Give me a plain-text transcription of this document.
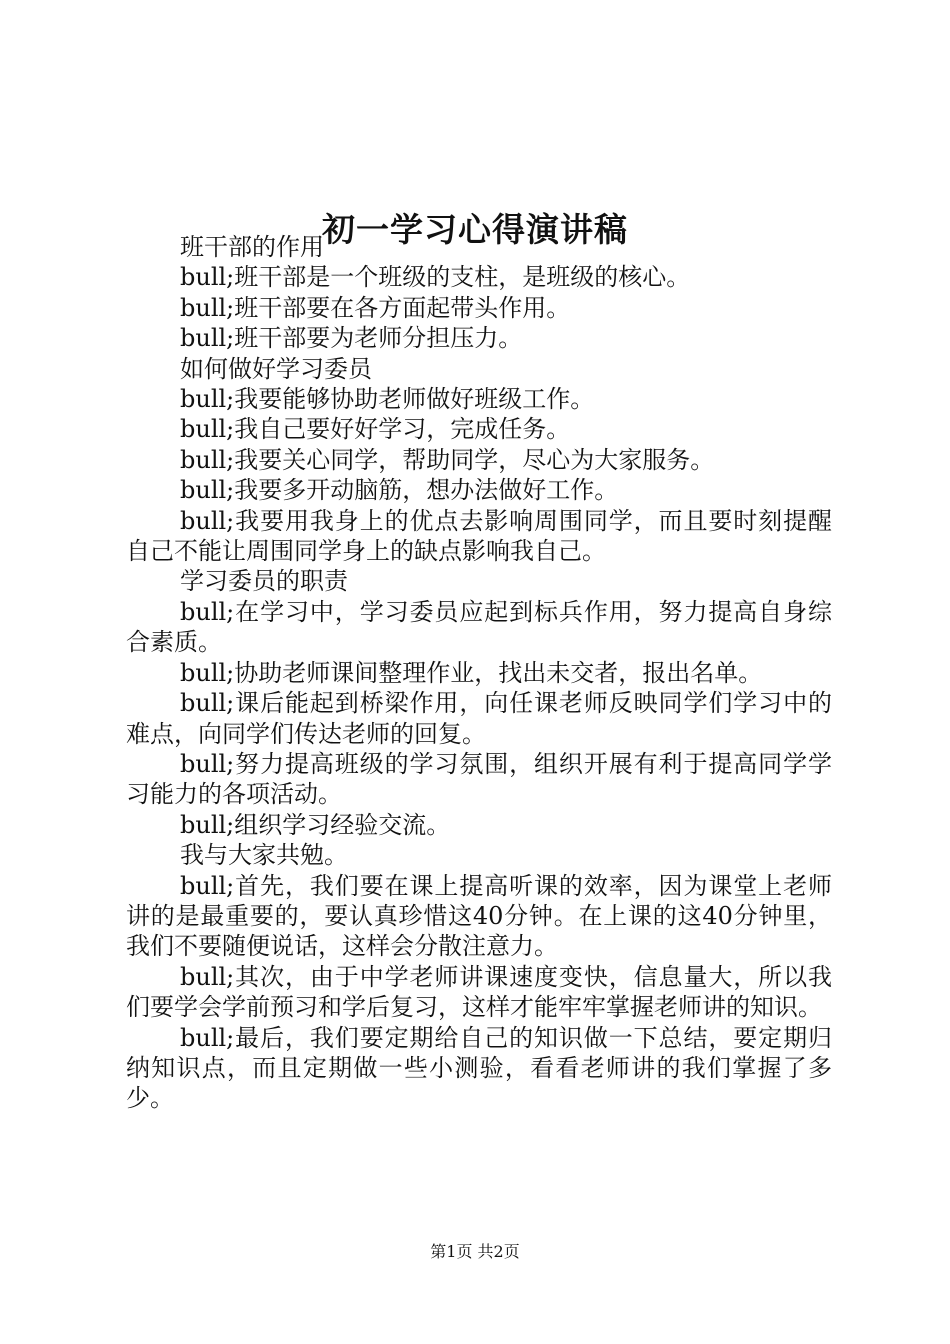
初一学习心得演讲稿

班干部的作用

bull;班干部是一个班级的支柱，是班级的核心。

bull;班干部要在各方面起带头作用。

bull;班干部要为老师分担压力。

如何做好学习委员

bull;我要能够协助老师做好班级工作。

bull;我自己要好好学习，完成任务。

bull;我要关心同学，帮助同学，尽心为大家服务。

bull;我要多开动脑筋，想办法做好工作。

bull;我要用我身上的优点去影响周围同学，而且要时刻提醒自己不能让周围同学身上的缺点影响我自己。

学习委员的职责

bull;在学习中，学习委员应起到标兵作用，努力提高自身综合素质。

bull;协助老师课间整理作业，找出未交者，报出名单。

bull;课后能起到桥梁作用，向任课老师反映同学们学习中的难点，向同学们传达老师的回复。

bull;努力提高班级的学习氛围，组织开展有利于提高同学学习能力的各项活动。

bull;组织学习经验交流。

我与大家共勉。

bull;首先，我们要在课上提高听课的效率，因为课堂上老师讲的是最重要的，要认真珍惜这40分钟。在上课的这40分钟里，我们不要随便说话，这样会分散注意力。

bull;其次，由于中学老师讲课速度变快，信息量大，所以我们要学会学前预习和学后复习，这样才能牢牢掌握老师讲的知识。

bull;最后，我们要定期给自己的知识做一下总结，要定期归纳知识点，而且定期做一些小测验，看看老师讲的我们掌握了多少。

第1页 共2页
